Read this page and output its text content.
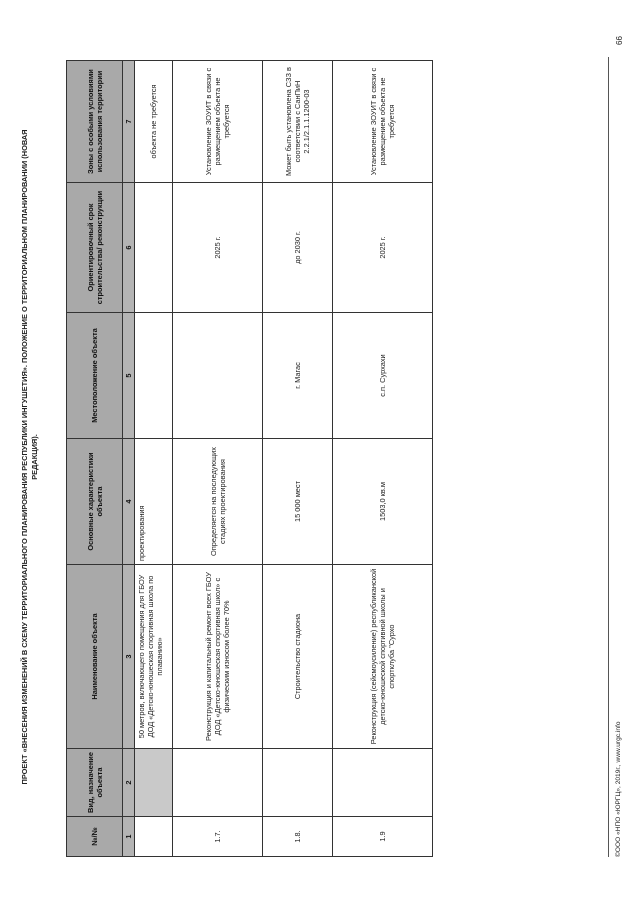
ПРОЕКТ «ВНЕСЕНИЯ ИЗМЕНЕНИЙ В СХЕМУ ТЕРРИТОРИАЛЬНОГО ПЛАНИРОВАНИЯ РЕСПУБЛИКИ ИНГУШЕТИЯ». ПОЛОЖЕНИЕ О ТЕРРИТОРИАЛЬНОМ ПЛАНИРОВАНИИ (НОВАЯ РЕДАКЦИЯ).
№/№	Вид, назначение объекта	Наименование объекта	Основные характеристики объекта	Местоположение объекта	Ориентировочный срок строительства/ реконструкции	Зоны с особыми условиями использования территории
1	2	3	4	5	6	7
		50 метров, включающего помещения для ГБОУ ДОД «Детско-юношеская спортивная школа по плаванию»	проектирования			объекта не требуется
1.7.		Реконструкция и капитальный ремонт всех ГБОУ ДОД «Детско-юношеская спортивная школ» с физическим износом более 70%	Определяется на последующих стадиях проектирования		2025 г.	Установление ЗОУИТ в связи с размещением объекта не требуется
1.8.		Строительство стадиона	15 000 мест	г. Магас	до 2030 г.	Может быть установлена СЗЗ в соответствии с СанПиН 2.2.1/2.1.1.1200-03
1.9		Реконструкция (сейсмоусиление) республиканской детско-юношеской спортивной школы и спортклуба "Сурхо	1503,0 кв.м	с.п. Сурхахи	2025 г.	Установление ЗОУИТ в связи с размещением объекта не требуется
©ООО «НПО «ЮРГЦ», 2019г., www.urgc.info
66
